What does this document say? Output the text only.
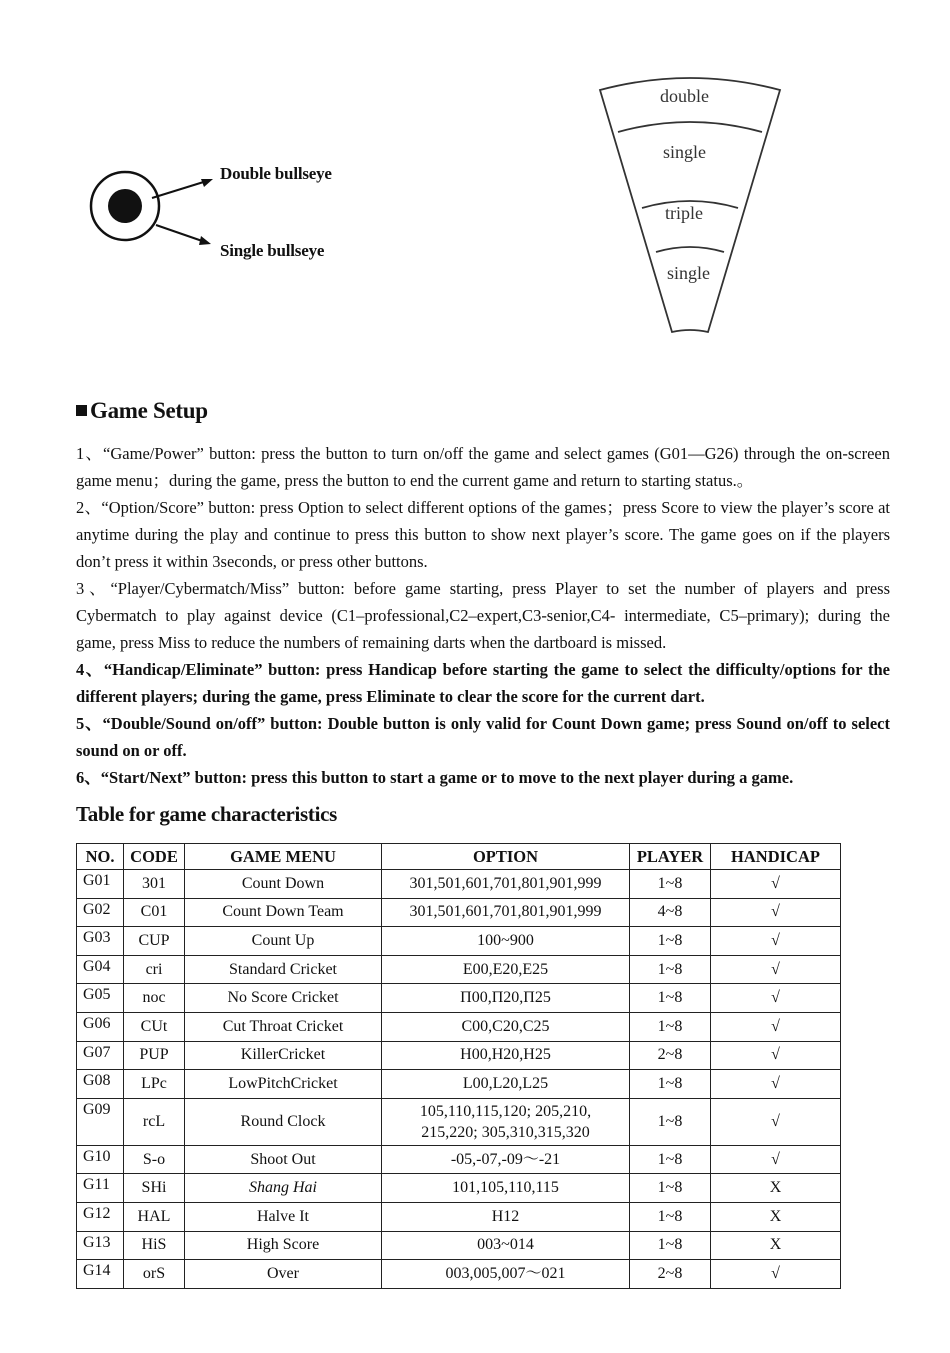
Double bullseye
Single bullseye
double
single
triple
single
Game Setup

1、“Game/Power” button: press the button to turn on/off the game and select games (G01—G26) through the on-screen game menu；during the game, press the button to end the current game and return to starting status.。

2、“Option/Score” button: press Option to select different options of the games；press Score to view the player’s score at anytime during the play and continue to press this button to show next player’s score. The game goes on if the players don’t press it within 3seconds, or press other buttons.

3、“Player/Cybermatch/Miss” button: before game starting, press Player to set the number of players and press Cybermatch to play against device (C1–professional,C2–expert,C3-senior,C4- intermediate, C5–primary); during the game, press Miss to reduce the numbers of remaining darts when the dartboard is missed.

4、“Handicap/Eliminate” button: press Handicap before starting the game to select the difficulty/options for the different players; during the game, press Eliminate to clear the score for the current dart.

5、“Double/Sound on/off” button: Double button is only valid for Count Down game; press Sound on/off to select sound on or off.

6、“Start/Next” button: press this button to start a game or to move to the next player during a game.

Table for game characteristics
NO.	CODE	GAME MENU	OPTION	PLAYER	HANDICAP
G01	301	Count Down	301,501,601,701,801,901,999	1~8	√
G02	C01	Count Down Team	301,501,601,701,801,901,999	4~8	√
G03	CUP	Count Up	100~900	1~8	√
G04	cri	Standard Cricket	E00,E20,E25	1~8	√
G05	noc	No Score Cricket	П00,П20,П25	1~8	√
G06	CUt	Cut Throat Cricket	C00,C20,C25	1~8	√
G07	PUP	KillerCricket	H00,H20,H25	2~8	√
G08	LPc	LowPitchCricket	L00,L20,L25	1~8	√
G09	rcL	Round Clock	105,110,115,120; 205,210,
215,220; 305,310,315,320	1~8	√
G10	S-o	Shoot Out	-05,-07,-09～-21	1~8	√
G11	SHi	Shang Hai	101,105,110,115	1~8	X
G12	HAL	Halve It	H12	1~8	X
G13	HiS	High Score	003~014	1~8	X
G14	orS	Over	003,005,007～021	2~8	√
